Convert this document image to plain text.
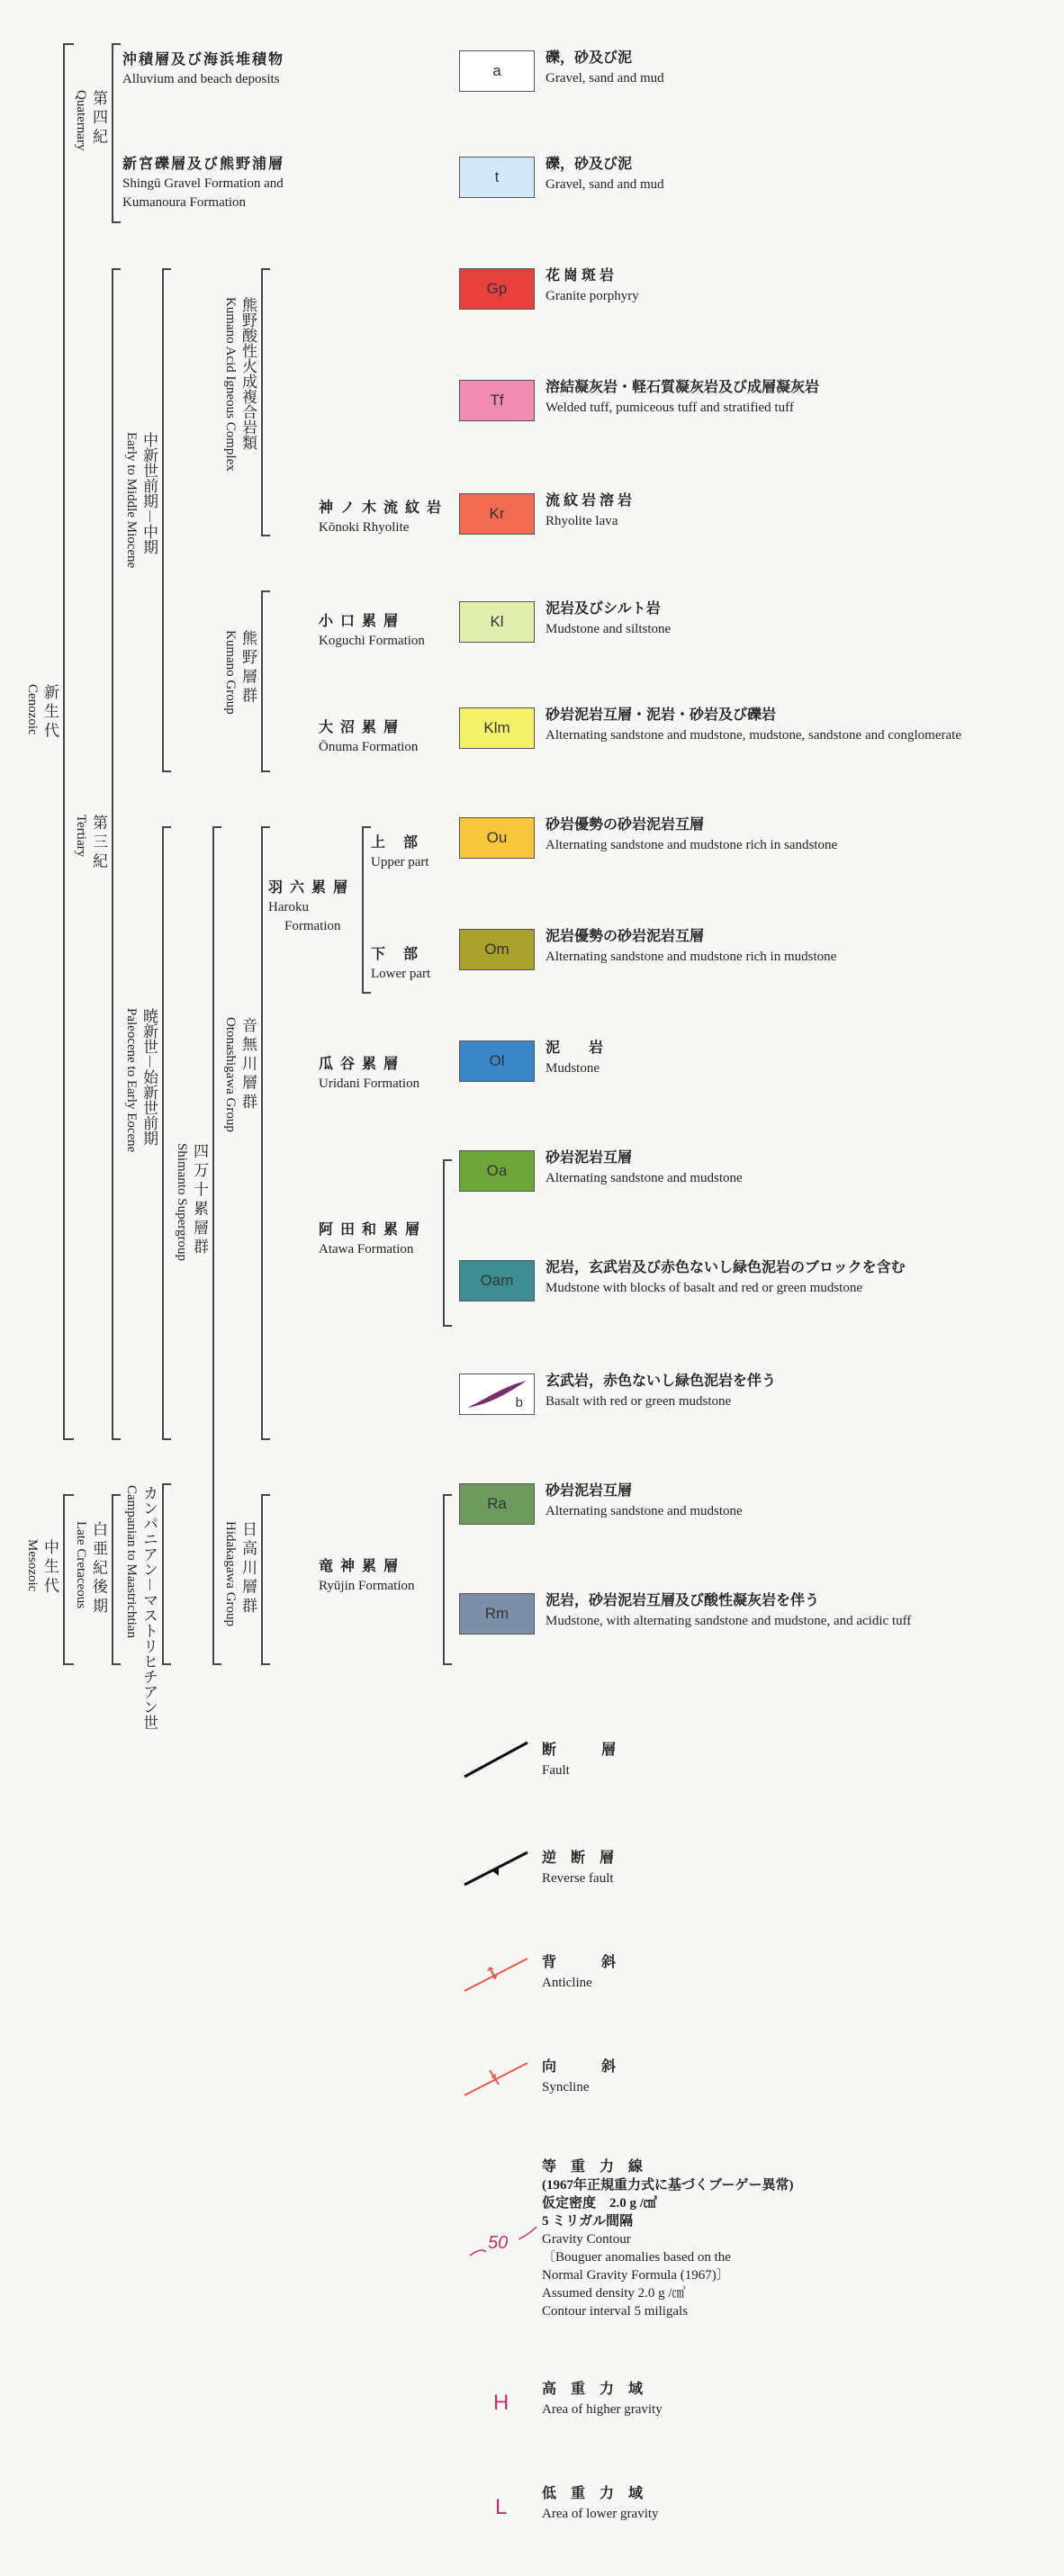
新 生 代
Cenozoic
中 生 代
Mesozoic
第 四 紀
Quaternary
第 三 紀
Tertiary
白 亜 紀 後 期
Late Cretaceous
中新世前期－中期
Early to Middle Miocene
暁新世－始新世前期
Paleocene to Early Eocene
カンパニアン－マストリヒチアン世
Campanian to Maastrichtian
四 万 十 累 層 群
Shimanto Supergroup
熊野酸性火成複合岩類
Kumano Acid Igneous Complex
熊 野 層 群
Kumano Group
音 無 川 層 群
Otonashigawa Group
日 高 川 層 群
Hidakagawa Group
沖積層及び海浜堆積物
Alluvium and beach deposits
新宮礫層及び熊野浦層
Shingū Gravel Formation and
Kumanoura Formation
神 ノ 木 流 紋 岩
Kōnoki Rhyolite
小 口 累 層
Koguchi Formation
大 沼 累 層
Ōnuma Formation
羽 六 累 層
Haroku
Formation
上　部
Upper part
下　部
Lower part
瓜 谷 累 層
Uridani Formation
阿 田 和 累 層
Atawa Formation
竜 神 累 層
Ryūjin Formation
a
礫，砂及び泥
Gravel, sand and mud
t
礫，砂及び泥
Gravel, sand and mud
Gp
花 崗 斑 岩
Granite porphyry
Tf
溶結凝灰岩・軽石質凝灰岩及び成層凝灰岩
Welded tuff, pumiceous tuff and stratified tuff
Kr
流 紋 岩 溶 岩
Rhyolite lava
Kl
泥岩及びシルト岩
Mudstone and siltstone
Klm
砂岩泥岩互層・泥岩・砂岩及び礫岩
Alternating sandstone and mudstone, mudstone, sandstone and conglomerate
Ou
砂岩優勢の砂岩泥岩互層
Alternating sandstone and mudstone rich in sandstone
Om
泥岩優勢の砂岩泥岩互層
Alternating sandstone and mudstone rich in mudstone
Ol
泥　　岩
Mudstone
Oa
砂岩泥岩互層
Alternating sandstone and mudstone
Oam
泥岩，玄武岩及び赤色ないし緑色泥岩のブロックを含む
Mudstone with blocks of basalt and red or green mudstone
b
玄武岩，赤色ないし緑色泥岩を伴う
Basalt with red or green mudstone
Ra
砂岩泥岩互層
Alternating sandstone and mudstone
Rm
泥岩，砂岩泥岩互層及び酸性凝灰岩を伴う
Mudstone, with alternating sandstone and mudstone, and acidic tuff
断　　層
Fault
逆 断 層
Reverse fault
背　　斜
Anticline
向　　斜
Syncline
50
等 重 力 線
(1967年正規重力式に基づくブーゲー異常)
仮定密度　2.0 g /㎤
5 ミリガル間隔
Gravity Contour
〔Bouguer anomalies based on the
Normal Gravity Formula (1967)〕
Assumed density 2.0 g /㎤
Contour interval 5 miligals
H
高 重 力 域
Area of higher gravity
L
低 重 力 域
Area of lower gravity
